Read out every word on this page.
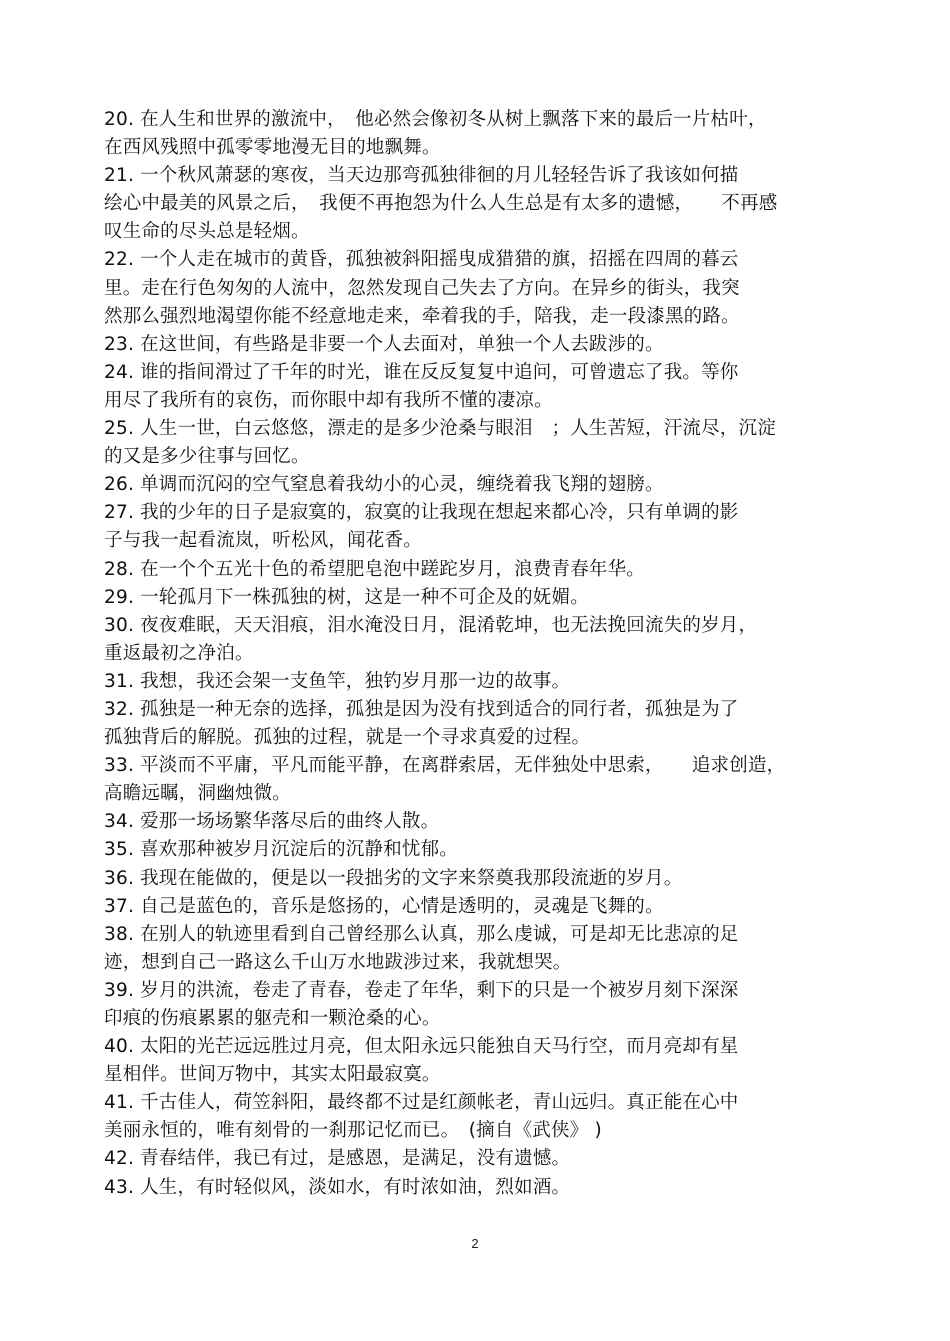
20. 在人生和世界的激流中，　他必然会像初冬从树上飘落下来的最后一片枯叶，
在西风残照中孤零零地漫无目的地飘舞。
21. 一个秋风萧瑟的寒夜，当天边那弯孤独徘徊的月儿轻轻告诉了我该如何描
绘心中最美的风景之后，　我便不再抱怨为什么人生总是有太多的遗憾，　　不再感
叹生命的尽头总是轻烟。
22. 一个人走在城市的黄昏，孤独被斜阳摇曳成猎猎的旗，招摇在四周的暮云
里。走在行色匆匆的人流中，忽然发现自己失去了方向。在异乡的街头，我突
然那么强烈地渴望你能不经意地走来，牵着我的手，陪我，走一段漆黑的路。
23. 在这世间，有些路是非要一个人去面对，单独一个人去跋涉的。
24. 谁的指间滑过了千年的时光，谁在反反复复中追问，可曾遗忘了我。等你
用尽了我所有的哀伤，而你眼中却有我所不懂的凄凉。
25. 人生一世，白云悠悠，漂走的是多少沧桑与眼泪　；人生苦短，汗流尽，沉淀
的又是多少往事与回忆。
26. 单调而沉闷的空气窒息着我幼小的心灵，缠绕着我飞翔的翅膀。
27. 我的少年的日子是寂寞的，寂寞的让我现在想起来都心冷，只有单调的影
子与我一起看流岚，听松风，闻花香。
28. 在一个个五光十色的希望肥皂泡中蹉跎岁月，浪费青春年华。
29. 一轮孤月下一株孤独的树，这是一种不可企及的妩媚。
30. 夜夜难眠，天天泪痕，泪水淹没日月，混淆乾坤，也无法挽回流失的岁月，
重返最初之净泊。
31. 我想，我还会架一支鱼竿，独钓岁月那一边的故事。
32. 孤独是一种无奈的选择，孤独是因为没有找到适合的同行者，孤独是为了
孤独背后的解脱。孤独的过程，就是一个寻求真爱的过程。
33. 平淡而不平庸，平凡而能平静，在离群索居，无伴独处中思索，　　追求创造，
高瞻远瞩，洞幽烛微。
34. 爱那一场场繁华落尽后的曲终人散。
35. 喜欢那种被岁月沉淀后的沉静和忧郁。
36. 我现在能做的，便是以一段拙劣的文字来祭奠我那段流逝的岁月。
37. 自己是蓝色的，音乐是悠扬的，心情是透明的，灵魂是飞舞的。
38. 在别人的轨迹里看到自己曾经那么认真，那么虔诚，可是却无比悲凉的足
迹，想到自己一路这么千山万水地跋涉过来，我就想哭。
39. 岁月的洪流，卷走了青春，卷走了年华，剩下的只是一个被岁月刻下深深
印痕的伤痕累累的躯壳和一颗沧桑的心。
40. 太阳的光芒远远胜过月亮，但太阳永远只能独自天马行空，而月亮却有星
星相伴。世间万物中，其实太阳最寂寞。
41. 千古佳人，荷笠斜阳，最终都不过是红颜帐老，青山远归。真正能在心中
美丽永恒的，唯有刻骨的一刹那记忆而已。　(摘自《武侠》 )
42. 青春结伴，我已有过，是感恩，是满足，没有遗憾。
43. 人生，有时轻似风，淡如水，有时浓如油，烈如酒。
2
